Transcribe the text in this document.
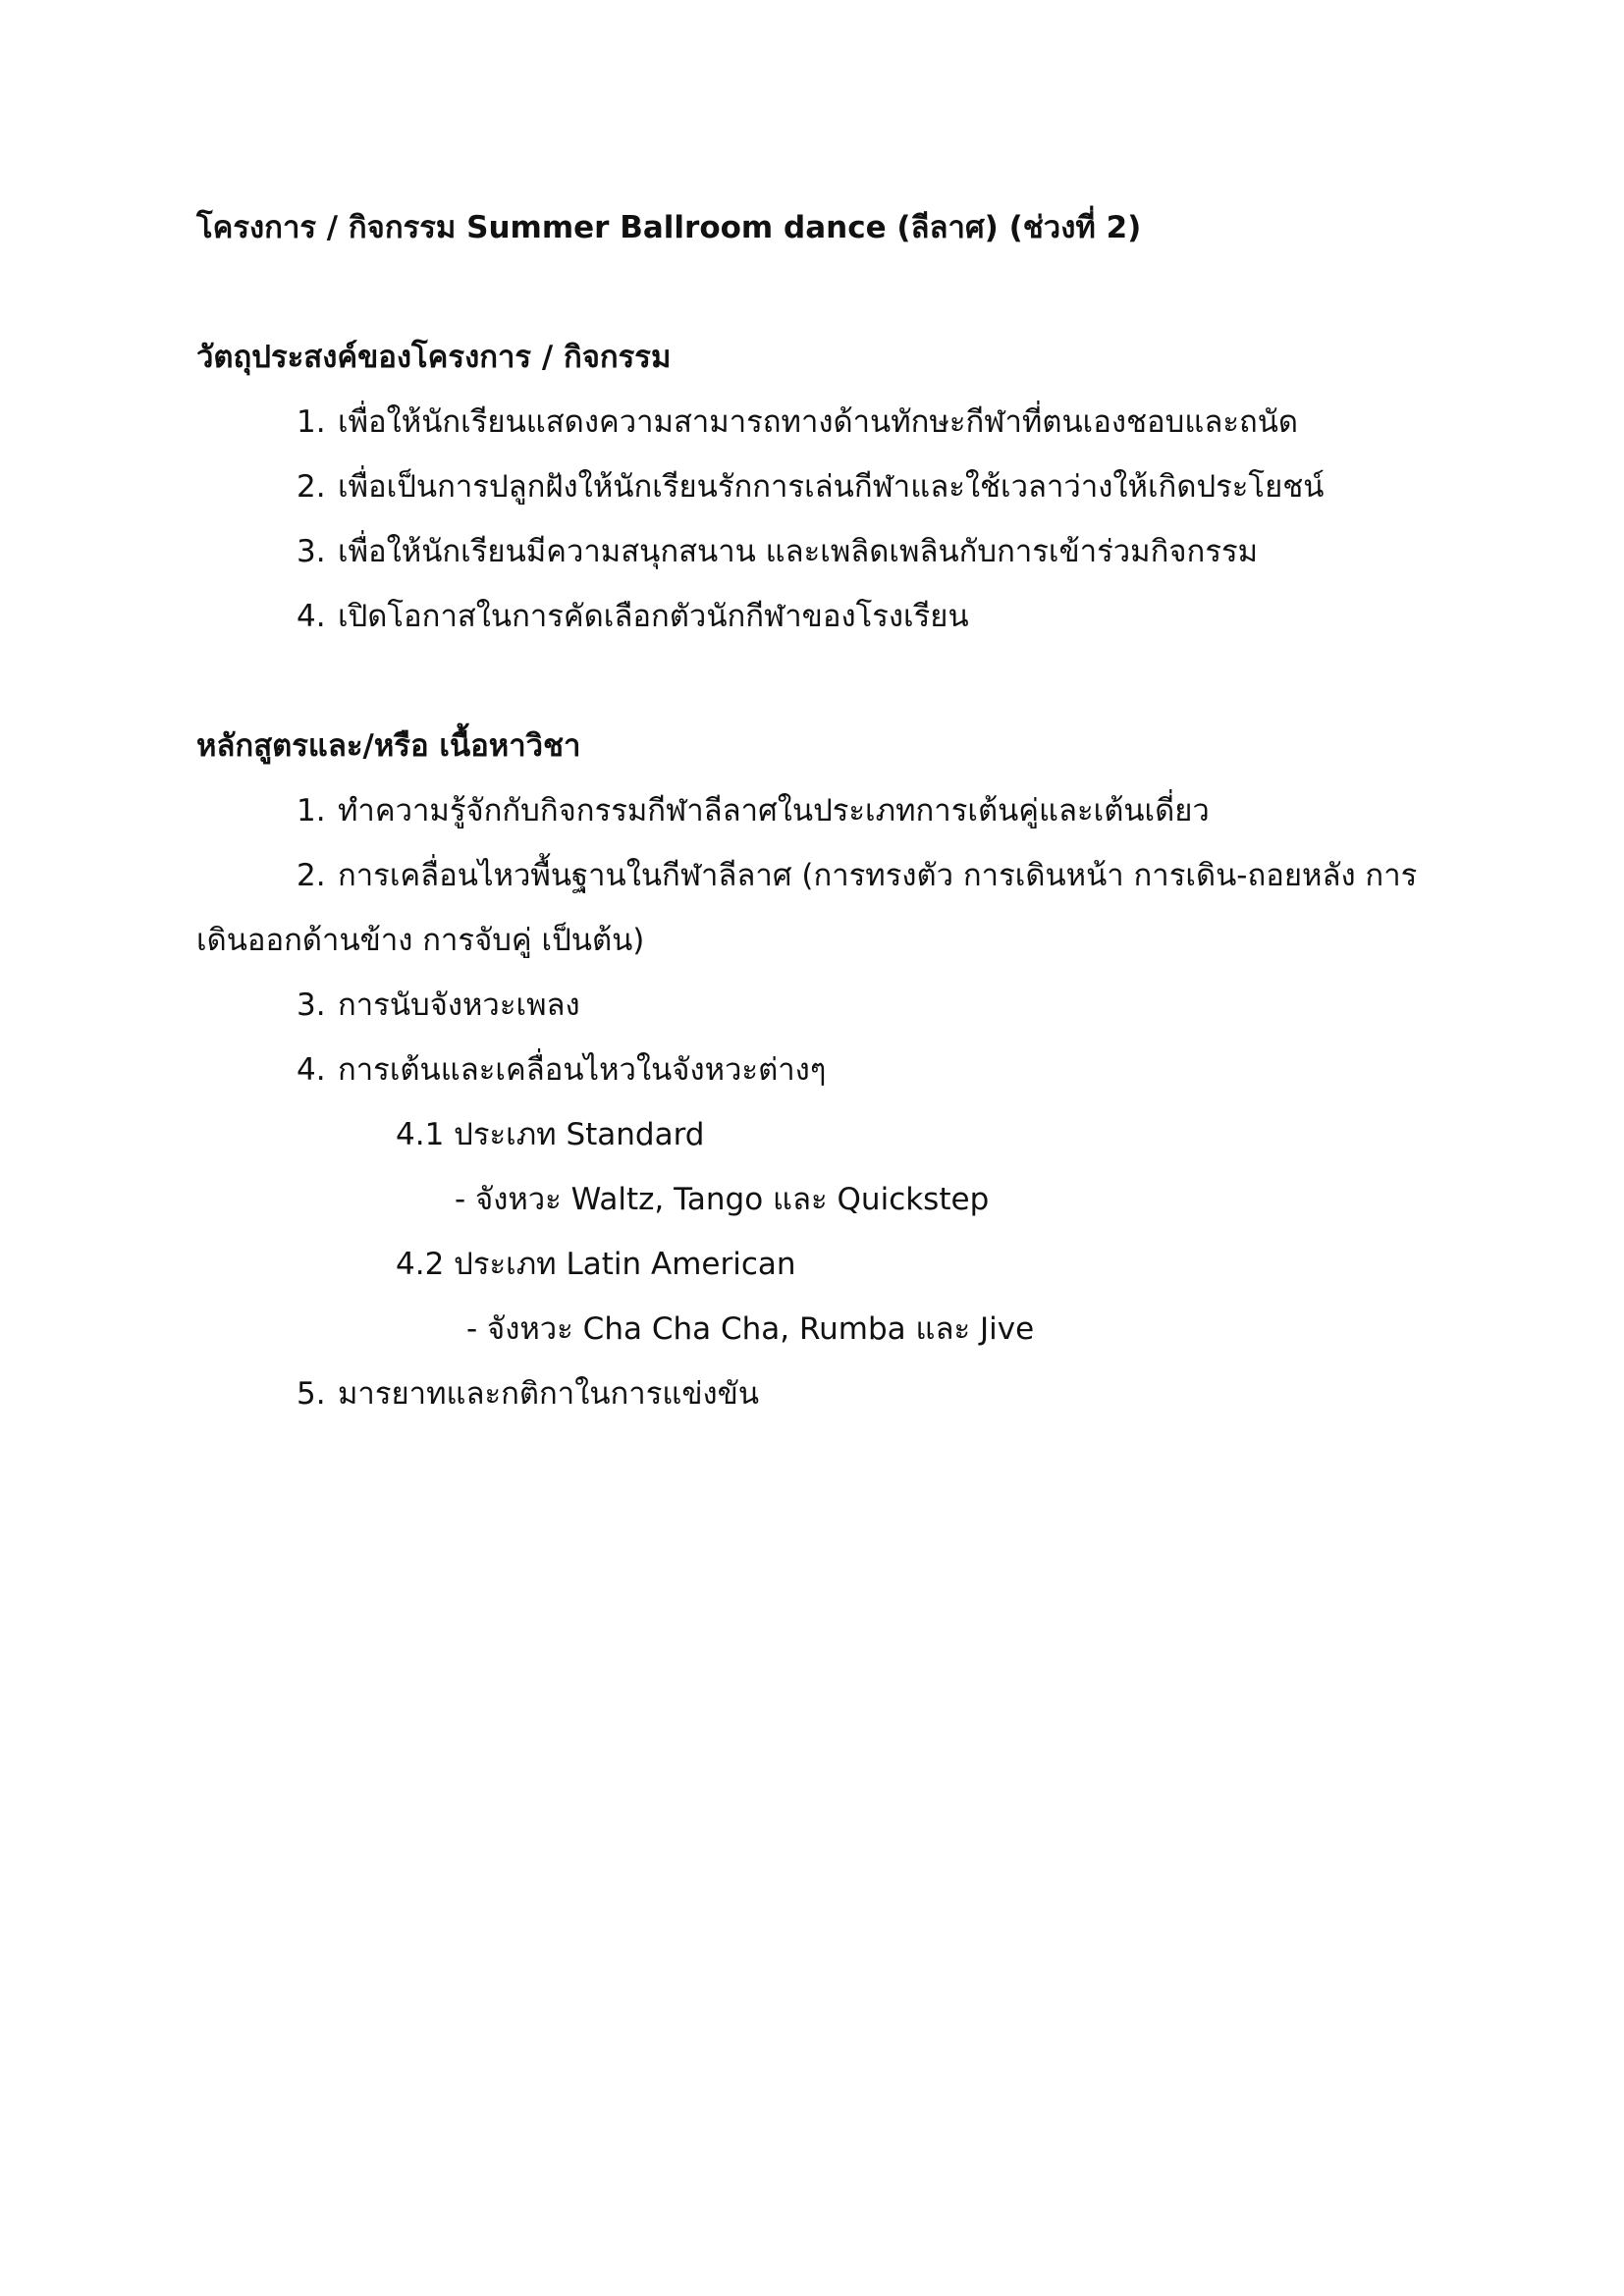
โครงการ / กิจกรรม Summer Ballroom dance (ลีลาศ) (ช่วงที่ 2)
วัตถุประสงค์ของโครงการ / กิจกรรม
1. เพื่อให้นักเรียนแสดงความสามารถทางด้านทักษะกีฬาที่ตนเองชอบและถนัด
2. เพื่อเป็นการปลูกฝังให้นักเรียนรักการเล่นกีฬาและใช้เวลาว่างให้เกิดประโยชน์
3. เพื่อให้นักเรียนมีความสนุกสนาน และเพลิดเพลินกับการเข้าร่วมกิจกรรม
4. เปิดโอกาสในการคัดเลือกตัวนักกีฬาของโรงเรียน
หลักสูตรและ/หรือ เนื้อหาวิชา
1. ทำความรู้จักกับกิจกรรมกีฬาลีลาศในประเภทการเต้นคู่และเต้นเดี่ยว
2. การเคลื่อนไหวพื้นฐานในกีฬาลีลาศ (การทรงตัว การเดินหน้า การเดิน-ถอยหลัง การ
เดินออกด้านข้าง การจับคู่ เป็นต้น)
3. การนับจังหวะเพลง
4. การเต้นและเคลื่อนไหวในจังหวะต่างๆ
4.1 ประเภท Standard
- จังหวะ Waltz, Tango และ Quickstep
4.2 ประเภท Latin American
- จังหวะ Cha Cha Cha, Rumba และ Jive
5. มารยาทและกติกาในการแข่งขัน
